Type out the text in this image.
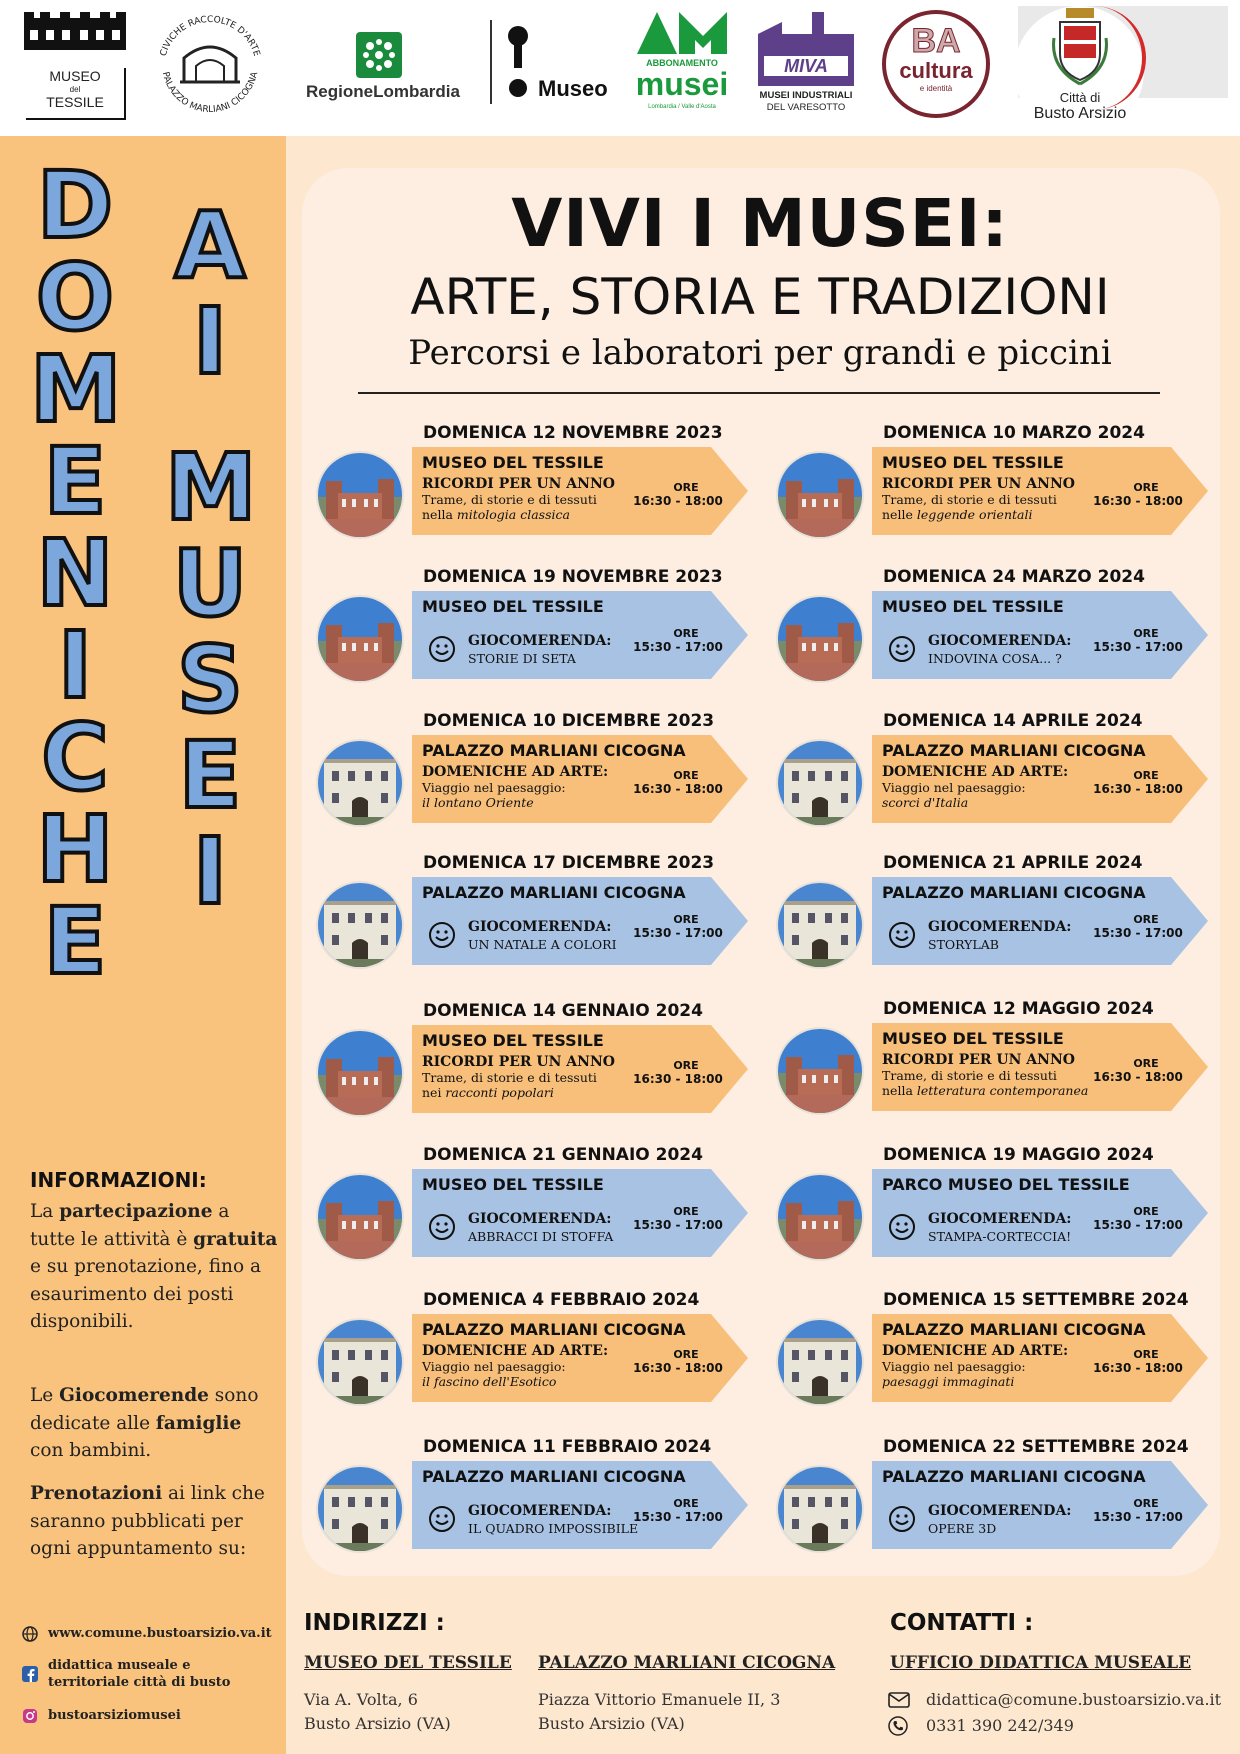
MUSEO
del
TESSILE
CIVICHE RACCOLTE D'ARTE
PALAZZO MARLIANI CICOGNA
RegioneLombardia	Museo
ABBONAMENTO
musei
Lombardia / Valle d'Aosta
MIVA
MUSEI INDUSTRIALI
DEL VARESOTTO
BA
cultura
e identità
Città di
Busto Arsizio
D
O
M
E
N
I
C
H
E
A
I
M
U
S
E
I
INFORMAZIONI:
La partecipazione a tutte le attività è gratuita e su prenotazione, fino a esaurimento dei posti disponibili.
Le Giocomerende sono dedicate alle famiglie con bambini.
Prenotazioni ai link che saranno pubblicati per ogni appuntamento su:
www.comune.bustoarsizio.va.it
didattica museale e
territoriale città di busto
bustoarsiziomusei
VIVI I MUSEI:
ARTE, STORIA E TRADIZIONI
Percorsi e laboratori per grandi e piccini
DOMENICA 12 NOVEMBRE 2023
MUSEO DEL TESSILE
RICORDI PER UN ANNO
Trame, di storie e di tessuti
nella mitologia classica
ORE
16:30 - 18:00
DOMENICA 19 NOVEMBRE 2023
MUSEO DEL TESSILE
GIOCOMERENDA:
STORIE DI SETA
ORE
15:30 - 17:00
DOMENICA 10 DICEMBRE 2023
PALAZZO MARLIANI CICOGNA
DOMENICHE AD ARTE:
Viaggio nel paesaggio:
il lontano Oriente
ORE
16:30 - 18:00
DOMENICA 17 DICEMBRE 2023
PALAZZO MARLIANI CICOGNA
GIOCOMERENDA:
UN NATALE A COLORI
ORE
15:30 - 17:00
DOMENICA 14 GENNAIO 2024
MUSEO DEL TESSILE
RICORDI PER UN ANNO
Trame, di storie e di tessuti
nei racconti popolari
ORE
16:30 - 18:00
DOMENICA 21 GENNAIO 2024
MUSEO DEL TESSILE
GIOCOMERENDA:
ABBRACCI DI STOFFA
ORE
15:30 - 17:00
DOMENICA 4 FEBBRAIO 2024
PALAZZO MARLIANI CICOGNA
DOMENICHE AD ARTE:
Viaggio nel paesaggio:
il fascino dell'Esotico
ORE
16:30 - 18:00
DOMENICA 11 FEBBRAIO 2024
PALAZZO MARLIANI CICOGNA
GIOCOMERENDA:
IL QUADRO IMPOSSIBILE
ORE
15:30 - 17:00
DOMENICA 10 MARZO 2024
MUSEO DEL TESSILE
RICORDI PER UN ANNO
Trame, di storie e di tessuti
nelle leggende orientali
ORE
16:30 - 18:00
DOMENICA 24 MARZO 2024
MUSEO DEL TESSILE
GIOCOMERENDA:
INDOVINA COSA... ?
ORE
15:30 - 17:00
DOMENICA 14 APRILE 2024
PALAZZO MARLIANI CICOGNA
DOMENICHE AD ARTE:
Viaggio nel paesaggio:
scorci d'Italia
ORE
16:30 - 18:00
DOMENICA 21 APRILE 2024
PALAZZO MARLIANI CICOGNA
GIOCOMERENDA:
STORYLAB
ORE
15:30 - 17:00
DOMENICA 12 MAGGIO 2024
MUSEO DEL TESSILE
RICORDI PER UN ANNO
Trame, di storie e di tessuti
nella letteratura contemporanea
ORE
16:30 - 18:00
DOMENICA 19 MAGGIO 2024
PARCO MUSEO DEL TESSILE
GIOCOMERENDA:
STAMPA-CORTECCIA!
ORE
15:30 - 17:00
DOMENICA 15 SETTEMBRE 2024
PALAZZO MARLIANI CICOGNA
DOMENICHE AD ARTE:
Viaggio nel paesaggio:
paesaggi immaginati
ORE
16:30 - 18:00
DOMENICA 22 SETTEMBRE 2024
PALAZZO MARLIANI CICOGNA
GIOCOMERENDA:
OPERE 3D
ORE
15:30 - 17:00
INDIRIZZI :	CONTATTI :
MUSEO DEL TESSILE
Via A. Volta, 6
Busto Arsizio (VA)
PALAZZO MARLIANI CICOGNA
Piazza Vittorio Emanuele II, 3
Busto Arsizio (VA)
UFFICIO DIDATTICA MUSEALE
didattica@comune.bustoarsizio.va.it
0331 390 242/349
